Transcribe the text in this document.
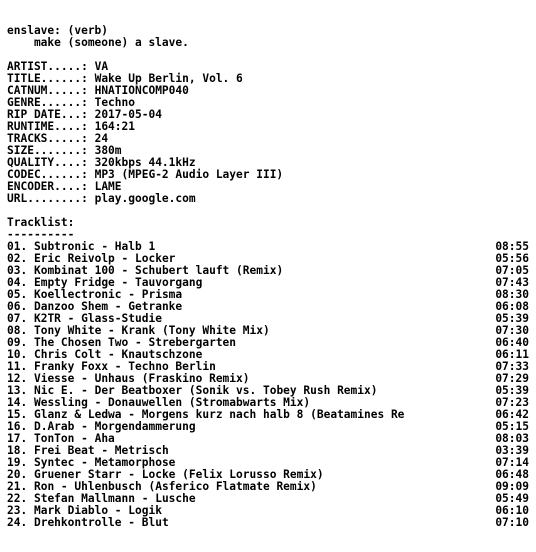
enslave: (verb)
make (someone) a slave.
ARTIST.....: VA
TITLE......: Wake Up Berlin, Vol. 6
CATNUM.....: HNATIONCOMP040
GENRE......: Techno
RIP DATE...: 2017-05-04
RUNTIME....: 164:21
TRACKS.....: 24
SIZE.......: 380m
QUALITY....: 320kbps 44.1kHz
CODEC......: MP3 (MPEG-2 Audio Layer III)
ENCODER....: LAME
URL........: play.google.com
Tracklist:
----------
01. Subtronic - Halb 1	08:55
02. Eric Reivolp - Locker	05:56
03. Kombinat 100 - Schubert lauft (Remix)	07:05
04. Empty Fridge - Tauvorgang	07:43
05. Koellectronic - Prisma	08:30
06. Danzoo Shem - Getranke	06:08
07. K2TR - Glass-Studie	05:39
08. Tony White - Krank (Tony White Mix)	07:30
09. The Chosen Two - Strebergarten	06:40
10. Chris Colt - Knautschzone	06:11
11. Franky Foxx - Techno Berlin	07:33
12. Viesse - Unhaus (Fraskino Remix)	07:29
13. Nic E. - Der Beatboxer (Sonik vs. Tobey Rush Remix)	05:39
14. Wessling - Donauwellen (Stromabwarts Mix)	07:23
15. Glanz & Ledwa - Morgens kurz nach halb 8 (Beatamines Re	06:42
16. D.Arab - Morgendammerung	05:15
17. TonTon - Aha	08:03
18. Frei Beat - Metrisch	03:39
19. Syntec - Metamorphose	07:14
20. Gruener Starr - Locke (Felix Lorusso Remix)	06:48
21. Ron - Uhlenbusch (Asferico Flatmate Remix)	09:09
22. Stefan Mallmann - Lusche	05:49
23. Mark Diablo - Logik	06:10
24. Drehkontrolle - Blut	07:10
